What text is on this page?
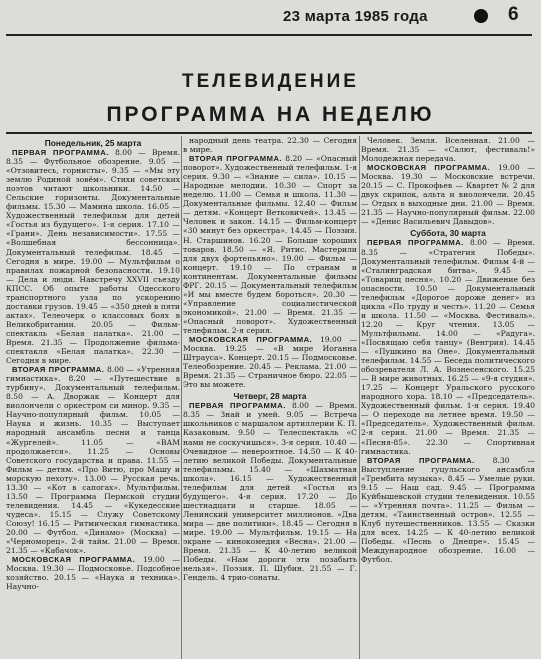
23 марта 1985 года	6
ТЕЛЕВИДЕНИЕ
ПРОГРАММА НА НЕДЕЛЮ

Понедельник, 25 марта

ПЕРВАЯ ПРОГРАММА. 8.00 — Время. 8.35 — Футбольное обозрение. 9.05 — «Отзовитесь, горнисты». 9.35 — «Мы эту землю Родиной зовём». Стихи советских поэтов читают школьники. 14.50 — Сельские горизонты. Документальные фильмы. 15.30 — Мамина школа. 16.05 — Художественный телефильм для детей «Гостья из будущего». 1-я серия. 17.10 — «Грани». День независимости». 17.55 — «Волшебная бессонница». Документальный телефильм. 18.45 — Сегодня в мире. 19.00 — Мультфильм о правилах пожарной безопасности. 19.10 — Дела и люди. Навстречу XXVII съезду КПСС. Об опыте работы Одесского транспортного узла по ускорению доставки грузов. 19.45 — «350 дней в пяти актах». Телеочерк о классовых боях в Великобритании. 20.05 — Фильм-спектакль «Белая палатка». 21.00 — Время. 21.35 — Продолжение фильма-спектакля «Белая палатка». 22.30 — Сегодня в мире.

ВТОРАЯ ПРОГРАММА. 8.00 — «Утренняя гимнастика». 8.20 — «Путешествие в турбину». Документальный телефильм. 8.50 — А. Дворжак — Концерт для виолончели с оркестром си минор. 9.35 — Научно-популярный фильм. 10.05 — Наука и жизнь. 10.35 — Выступает народный ансамбль песни и танца «Жургелей». 11.05 — «ВАМ продолжается». 11.25 — Основы Советского государства и права. 11.55 — Фильм — детям. «Про Витю, про Машу и морскую пехоту». 13.00 — Русская речь. 13.30 — «Кот в сапогах». Мультфильм. 13.50 — Программа Пермской студии телевидения. 14.45 — «Кукедесские чудеса». 15.15 — Служу Советскому Союзу! 16.15 — Ритмическая гимнастика. 20.00 — Футбол. «Динамо» (Москва) — «Черноморец». 2-й тайм. 21.00 — Время. 21.35 — «Кабачок».

МОСКОВСКАЯ ПРОГРАММА. 19.00 — Москва. 19.30 — Подмосковье. Подсобное хозяйство. 20.15 — «Наука и техника». Научно-

народный день театра. 22.30 — Сегодня в мире.

ВТОРАЯ ПРОГРАММА. 8.20 — «Опасный поворот». Художественный телефильм. 1-я серия. 9.30 — «Знание — сила». 10.15 — Народные мелодии. 10.30 — Спорт за неделю. 11.00 — Семья и школа. 11.30 — Документальные фильмы. 12.40 — Фильм — детям. «Концерт Ветковичей». 13.45 — Человек и закон. 14.15 — Фильм-концерт «30 минут без оркестра». 14.45 — Поэзия. Н. Старшинов. 16.20 — Больше хороших товаров. 18.50 — «Я. Ритис. Мастерили для двух фортепьяно». 19.00 — Фильм — концерт. 19.10 — По странам и континентам. Документальные фильмы ФРГ. 20.15 — Документальный телефильм «И мы вместе будем бороться». 20.30 — «Управление социалистической экономикой». 21.00 — Время. 21.35 — «Опасный поворот». Художественный телефильм. 2-я серия.

МОСКОВСКАЯ ПРОГРАММА. 19.00 — Москва. 19.25 — «В мире Иоганна Штрауса». Концерт. 20.15 — Подмосковье. Телеобозрение. 20.45 — Реклама. 21.00 — Время. 21.35 — Страничное бюро. 22.05 — Это вы можете.

Четверг, 28 марта

ПЕРВАЯ ПРОГРАММА. 8.00 — Время. 8.35 — Знай и умей. 9.05 — Встреча школьников с маршалом артиллерии К. П. Казаковым. 9.50 — Телеспектакль «С нами не соскучишься». 3-я серия. 10.40 — Очевидное — невероятное. 14.50 — К 40-летию великой Победы. Документальные телефильмы. 15.40 — «Шахматная школа». 16.15 — Художественный телефильм для детей «Гостья из будущего». 4-я серия. 17.20 — До шестнадцати и старше. 18.05 — Ленинский университет миллионов. «Два мира — две политики». 18.45 — Сегодня в мире. 19.00 — Мультфильм. 19.15 — На экране — кинокомедия «Весна». 21.00 — Время. 21.35 — К 40-летию великой Победы. «Нам дороги эти позабыть нельзя». Поэзия. П. Шубин. 21.55 — Г. Гендель. 4 трио-сонаты.

Человек. Земля. Вселенная. 21.00 — Время. 21.35 — «Салют, фестиваль!» Молодежная передача.

МОСКОВСКАЯ ПРОГРАММА. 19.00 — Москва. 19.30 — Московские встречи. 20.15 — С. Прокофьев — Квартет № 2 для двух скрипок, альта и виолончели. 20.45 — Отдых в выходные дни. 21.00 — Время. 21.35 — Научно-популярный фильм. 22.00 — «Денис Васильевич Давыдов».

Суббота, 30 марта

ПЕРВАЯ ПРОГРАММА. 8.00 — Время. 8.35 — «Стратегия Победы». Документальный телефильм. Фильм 4-й — «Сталинградская битва». 9.45 — «Товарищ песня». 10.20 — Движение без опасности. 10.50 — Документальный телефильм «Дорогое дороже денег» из цикла «По труду и честь». 11.20 — Семья и школа. 11.50 — «Москва. Фестиваль». 12.20 — Круг чтения. 13.05 — Мультфильмы. 14.00 — «Радуга». «Посвящаю себя танцу» (Венгрия). 14.45 — «Пушкино на Оне». Документальный телефильм. 14.55 — Беседа политического обозревателя Л. А. Вознесенского. 15.25 — В мире животных. 16.25 — «9-я студия». 17.25 — Концерт Уральского русского народного хора. 18.10 — «Председатель». Художественный фильм. 1-я серия. 19.40 — О переходе на летнее время. 19.50 — «Председатель». Художественный фильм. 2-я серия. 21.00 — Время. 21.35 — «Песня-85». 22.30 — Спортивная гимнастика.

ВТОРАЯ ПРОГРАММА. 8.30 — Выступление гуцульского ансамбля «Трембита музыка». 8.45 — Умелые руки. 9.15 — Наш сад. 9.45 — Программа Куйбышевской студии телевидения. 10.55 — «Утренняя почта». 11.25 — Фильм — детям. «Таинственный остров». 12.55 — Клуб путешественников. 13.55 — Сказки для всех. 14.25 — К 40-летию великой Победы. «Песнь о Днепре». 15.45 — Международное обозрение. 16.00 — Футбол.
